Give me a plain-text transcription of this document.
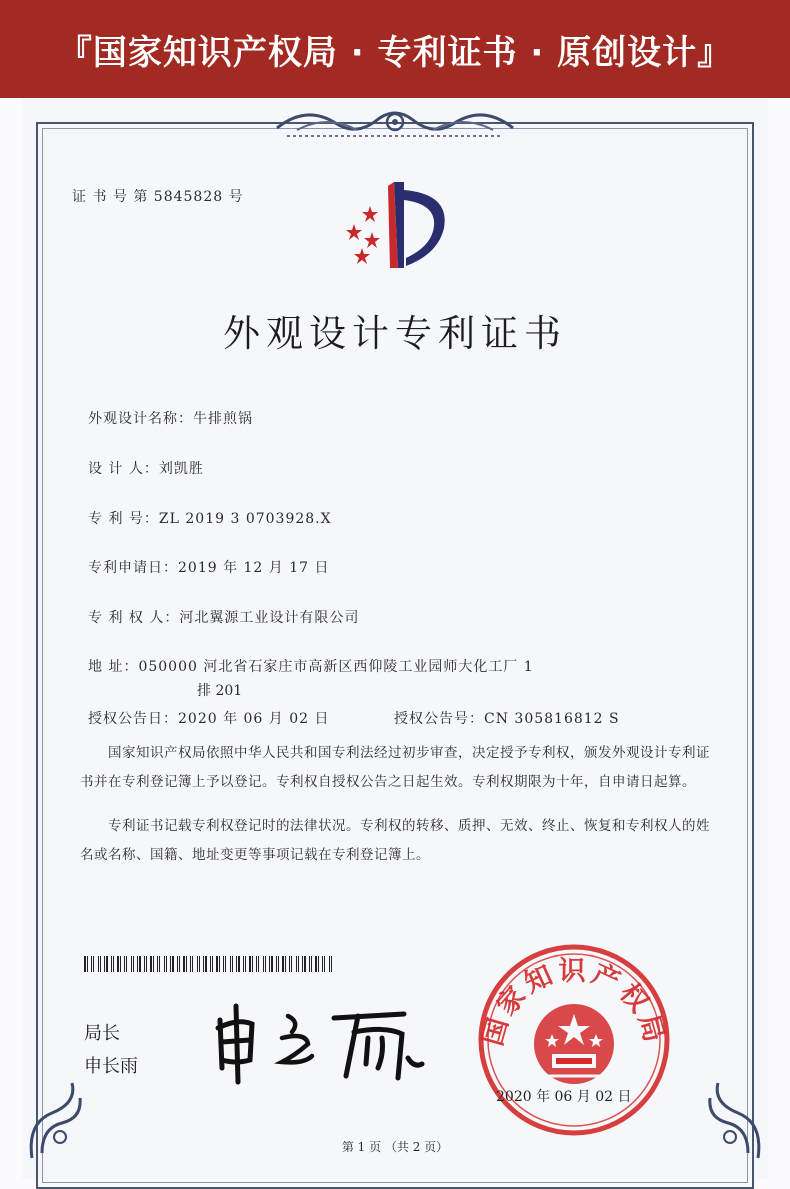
『国家知识产权局 · 专利证书 · 原创设计』
证 书 号 第 5845828 号
外观设计专利证书
外观设计名称：牛排煎锅
设 计 人：刘凯胜
专 利 号：ZL 2019 3 0703928.X
专利申请日：2019 年 12 月 17 日
专 利 权 人：河北翼源工业设计有限公司
地 址：050000 河北省石家庄市高新区西仰陵工业园师大化工厂 1
排 201
授权公告日：2020 年 06 月 02 日	授权公告号：CN 305816812 S
国家知识产权局依照中华人民共和国专利法经过初步审查，决定授予专利权，颁发外观设计专利证书并在专利登记簿上予以登记。专利权自授权公告之日起生效。专利权期限为十年，自申请日起算。
专利证书记载专利权登记时的法律状况。专利权的转移、质押、无效、终止、恢复和专利权人的姓名或名称、国籍、地址变更等事项记载在专利登记簿上。
局长
申长雨
国家知识产权局
2020 年 06 月 02 日
第 1 页 （共 2 页）
